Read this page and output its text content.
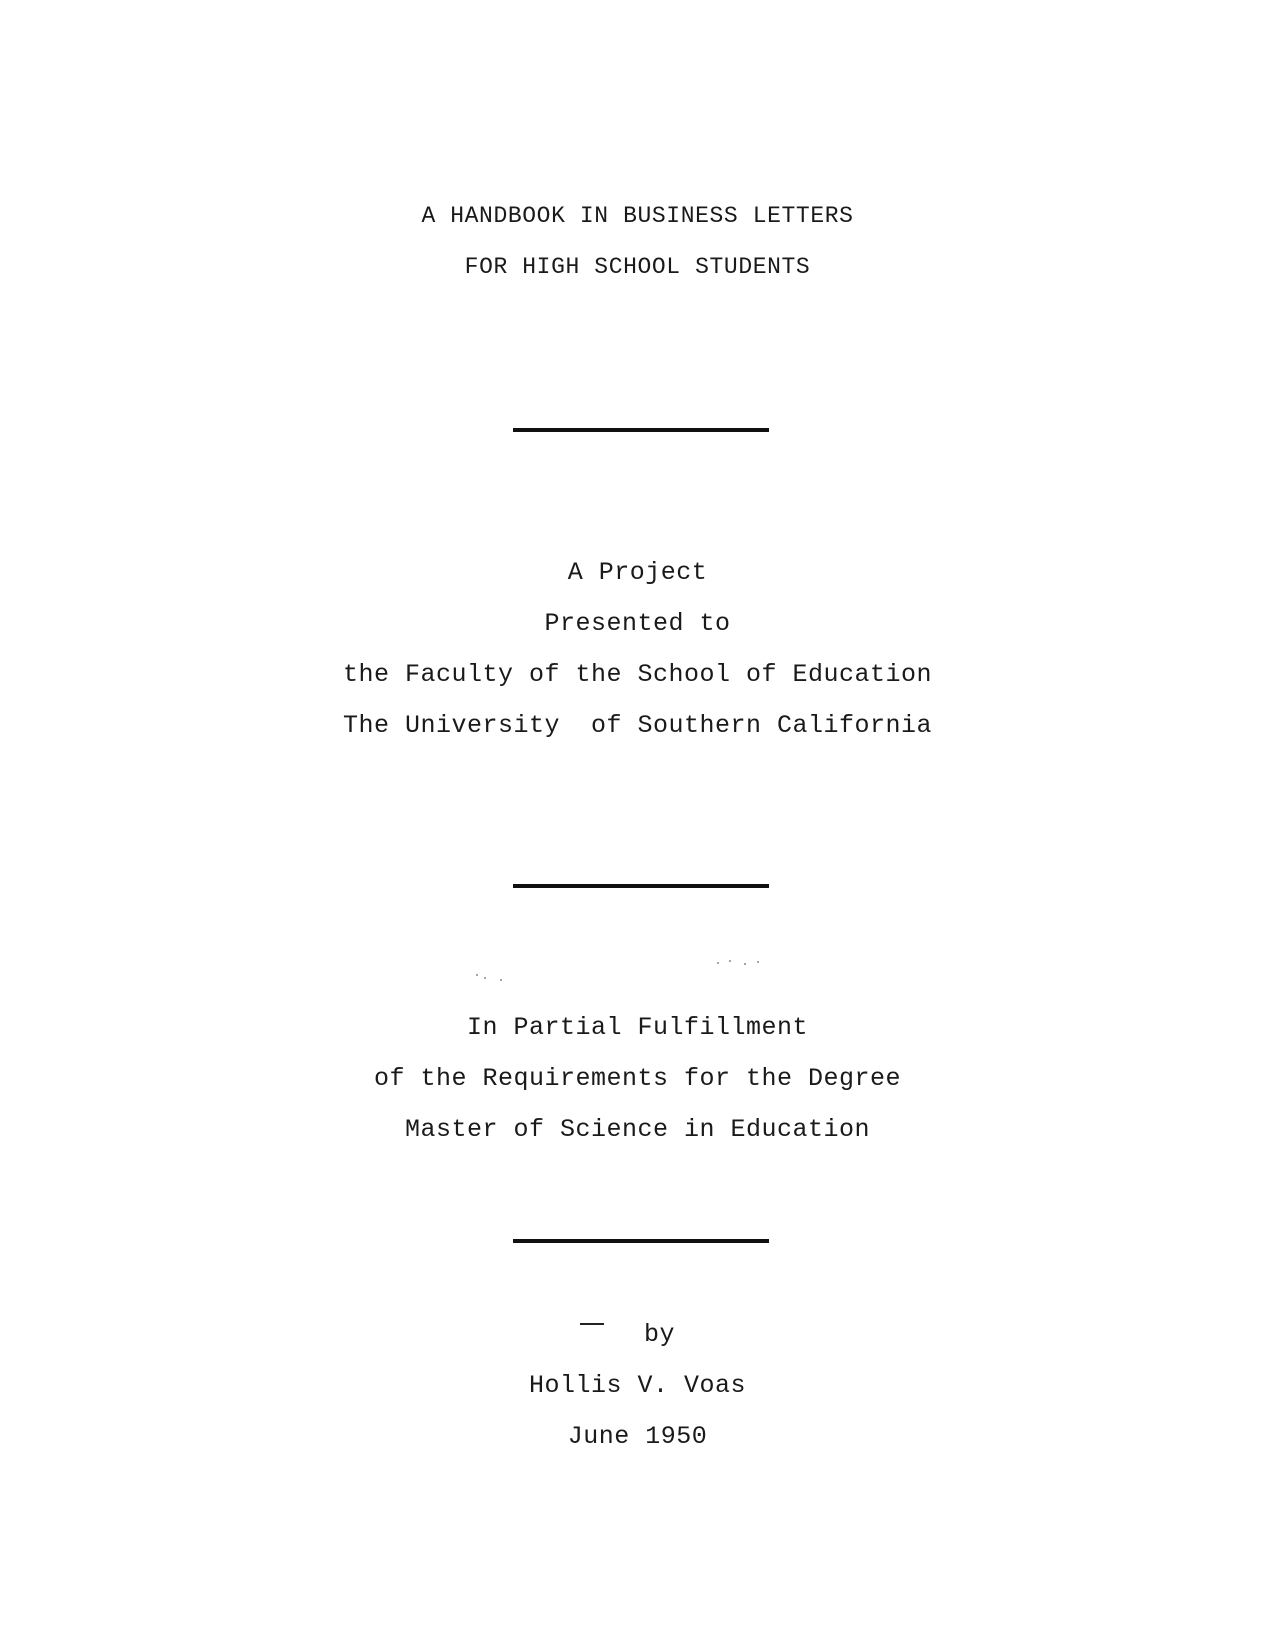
A HANDBOOK IN BUSINESS LETTERS
FOR HIGH SCHOOL STUDENTS
A Project
Presented to
the Faculty of the School of Education
The University  of Southern California
In Partial Fulfillment
of the Requirements for the Degree
Master of Science in Education
by
Hollis V. Voas
June 1950
